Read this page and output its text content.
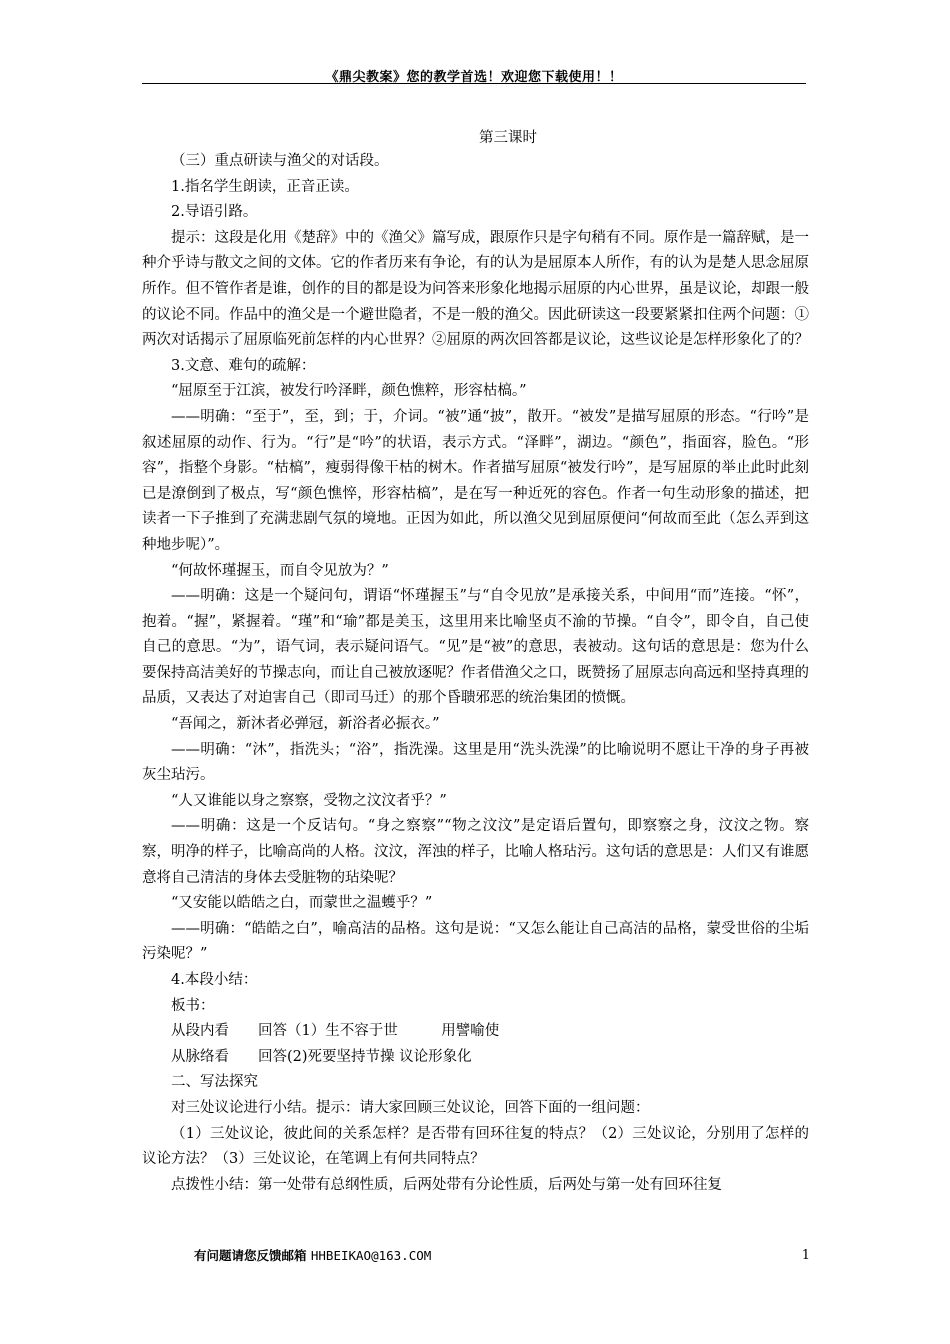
《鼎尖教案》您的教学首选！欢迎您下载使用！！
第三课时

（三）重点研读与渔父的对话段。

1.指名学生朗读，正音正读。

2.导语引路。

提示：这段是化用《楚辞》中的《渔父》篇写成，跟原作只是字句稍有不同。原作是一篇辞赋，是一种介乎诗与散文之间的文体。它的作者历来有争论，有的认为是屈原本人所作，有的认为是楚人思念屈原所作。但不管作者是谁，创作的目的都是设为问答来形象化地揭示屈原的内心世界，虽是议论，却跟一般的议论不同。作品中的渔父是一个避世隐者，不是一般的渔父。因此研读这一段要紧紧扣住两个问题：①两次对话揭示了屈原临死前怎样的内心世界？②屈原的两次回答都是议论，这些议论是怎样形象化了的？

3.文意、难句的疏解：

“屈原至于江滨，被发行吟泽畔，颜色憔粹，形容枯槁。”

——明确：“至于”，至，到；于，介词。“被”通“披”，散开。“被发”是描写屈原的形态。“行吟”是叙述屈原的动作、行为。“行”是“吟”的状语，表示方式。“泽畔”，湖边。“颜色”，指面容，脸色。“形容”，指整个身影。“枯槁”，瘦弱得像干枯的树木。作者描写屈原“被发行吟”，是写屈原的举止此时此刻已是潦倒到了极点，写“颜色憔悴，形容枯槁”，是在写一种近死的容色。作者一句生动形象的描述，把读者一下子推到了充满悲剧气氛的境地。正因为如此，所以渔父见到屈原便问“何故而至此（怎么弄到这种地步呢）”。

“何故怀瑾握玉，而自令见放为？”

——明确：这是一个疑问句，谓语“怀瑾握玉”与“自令见放”是承接关系，中间用“而”连接。“怀”，抱着。“握”，紧握着。“瑾”和“瑜”都是美玉，这里用来比喻坚贞不渝的节操。“自令”，即令自，自己使自己的意思。“为”，语气词，表示疑问语气。“见”是“被”的意思，表被动。这句话的意思是：您为什么要保持高洁美好的节操志向，而让自己被放逐呢？作者借渔父之口，既赞扬了屈原志向高远和坚持真理的品质，又表达了对迫害自己（即司马迁）的那个昏聩邪恶的统治集团的愤慨。

“吾闻之，新沐者必弹冠，新浴者必振衣。”

——明确：“沐”，指洗头；“浴”，指洗澡。这里是用“洗头洗澡”的比喻说明不愿让干净的身子再被灰尘玷污。

“人又谁能以身之察察，受物之汶汶者乎？”

——明确：这是一个反诘句。“身之察察”“物之汶汶”是定语后置句，即察察之身，汶汶之物。察察，明净的样子，比喻高尚的人格。汶汶，浑浊的样子，比喻人格玷污。这句话的意思是：人们又有谁愿意将自己清洁的身体去受脏物的玷染呢？

“又安能以皓皓之白，而蒙世之温蠖乎？”

——明确：“皓皓之白”，喻高洁的品格。这句是说：“又怎么能让自己高洁的品格，蒙受世俗的尘垢污染呢？”

4.本段小结：

板书：

从段内看　　回答（1）生不容于世　　　用譬喻使
从脉络看　　回答(2)死要坚持节操 议论形象化

二、写法探究

对三处议论进行小结。提示：请大家回顾三处议论，回答下面的一组问题：

（1）三处议论，彼此间的关系怎样？是否带有回环往复的特点？（2）三处议论，分别用了怎样的议论方法？（3）三处议论，在笔调上有何共同特点？

点拨性小结：第一处带有总纲性质，后两处带有分论性质，后两处与第一处有回环往复

有问题请您反馈邮箱 HHBEIKAO@163.COM	1
